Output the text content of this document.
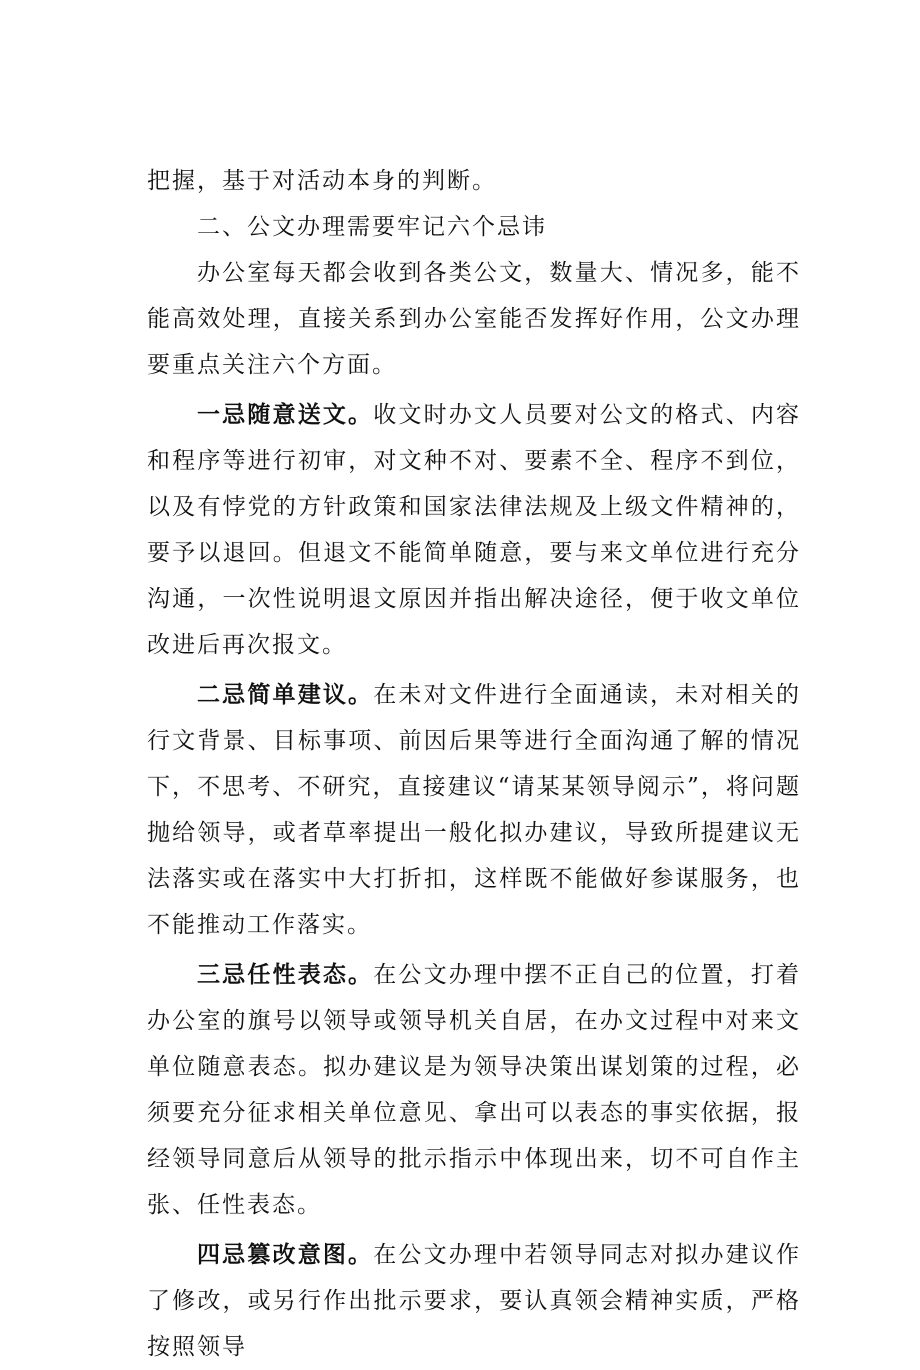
把握，基于对活动本身的判断。

二、公文办理需要牢记六个忌讳

办公室每天都会收到各类公文，数量大、情况多，能不能高效处理，直接关系到办公室能否发挥好作用，公文办理要重点关注六个方面。

一忌随意送文。收文时办文人员要对公文的格式、内容和程序等进行初审，对文种不对、要素不全、程序不到位，以及有悖党的方针政策和国家法律法规及上级文件精神的，要予以退回。但退文不能简单随意，要与来文单位进行充分沟通，一次性说明退文原因并指出解决途径，便于收文单位改进后再次报文。

二忌简单建议。在未对文件进行全面通读，未对相关的行文背景、目标事项、前因后果等进行全面沟通了解的情况下，不思考、不研究，直接建议“请某某领导阅示”，将问题抛给领导，或者草率提出一般化拟办建议，导致所提建议无法落实或在落实中大打折扣，这样既不能做好参谋服务，也不能推动工作落实。

三忌任性表态。在公文办理中摆不正自己的位置，打着办公室的旗号以领导或领导机关自居，在办文过程中对来文单位随意表态。拟办建议是为领导决策出谋划策的过程，必须要充分征求相关单位意见、拿出可以表态的事实依据，报经领导同意后从领导的批示指示中体现出来，切不可自作主张、任性表态。

四忌篡改意图。在公文办理中若领导同志对拟办建议作了修改，或另行作出批示要求，要认真领会精神实质，严格按照领导
